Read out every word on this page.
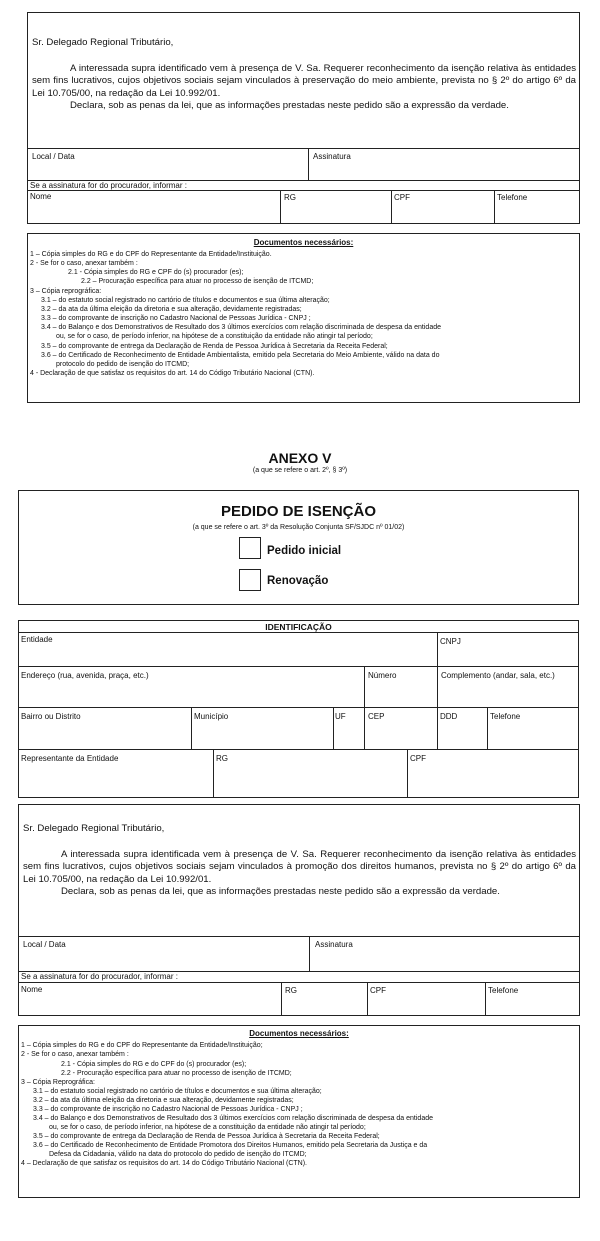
Sr. Delegado Regional Tributário,

A interessada supra identificado vem à presença de V. Sa. Requerer reconhecimento da isenção relativa às entidades sem fins lucrativos, cujos objetivos sociais sejam vinculados à preservação do meio ambiente, prevista no § 2º do artigo 6º da Lei 10.705/00, na redação da Lei 10.992/01.

Declara, sob as penas da lei, que as informações prestadas neste pedido são a expressão da verdade.

Local / Data	Assinatura
Se a assinatura for do procurador, informar :
Nome	RG	CPF	Telefone
Documentos necessários:
1 – Cópia simples do RG e do CPF do Representante da Entidade/Instituição.
2 - Se for o caso, anexar também :
2.1 - Cópia simples do RG e CPF do (s) procurador (es);
2.2 – Procuração específica para atuar no processo de isenção de ITCMD;
3 – Cópia reprográfica:
3.1 – do estatuto social registrado no cartório de títulos e documentos e sua última alteração;
3.2 – da ata da última eleição da diretoria e sua alteração, devidamente registradas;
3.3 – do comprovante de inscrição no Cadastro Nacional de Pessoas Jurídica - CNPJ ;
3.4 – do Balanço e dos Demonstrativos de Resultado dos 3 últimos exercícios com relação discriminada de despesa da entidade
ou, se for o caso, de período inferior, na hipótese de a constituição da entidade não atingir tal período;
3.5 – do comprovante de entrega da Declaração de Renda de Pessoa Jurídica à Secretaria da Receita Federal;
3.6 – do Certificado de Reconhecimento de Entidade Ambientalista, emitido pela Secretaria do Meio Ambiente, válido na data do
protocolo do pedido de isenção do ITCMD;
4 - Declaração de que satisfaz os requisitos do art. 14 do Código Tributário Nacional (CTN).
ANEXO V
(a que se refere o art. 2º, § 3º)
PEDIDO DE ISENÇÃO
(a que se refere o art. 3º da Resolução Conjunta SF/SJDC nº 01/02)
Pedido inicial
Renovação
IDENTIFICAÇÃO
Entidade	CNPJ
Endereço (rua, avenida, praça, etc.)	Número	Complemento (andar, sala, etc.)
Bairro ou Distrito	Município	UF	CEP	DDD	Telefone
Representante da Entidade	RG	CPF

Sr. Delegado Regional Tributário,

A interessada supra identificada vem à presença de V. Sa. Requerer reconhecimento da isenção relativa às entidades sem fins lucrativos, cujos objetivos sociais sejam vinculados à promoção dos direitos humanos, prevista no § 2º do artigo 6º da Lei 10.705/00, na redação da Lei 10.992/01.

Declara, sob as penas da lei, que as informações prestadas neste pedido são a expressão da verdade.

Local / Data	Assinatura
Se a assinatura for do procurador, informar :
Nome	RG	CPF	Telefone
Documentos necessários:
1 – Cópia simples do RG e do CPF do Representante da Entidade/Instituição;
2 - Se for o caso, anexar também :
2.1 - Cópia simples do RG e do CPF do (s) procurador (es);
2.2 - Procuração específica para atuar no processo de isenção de ITCMD;
3 – Cópia Reprográfica:
3.1 – do estatuto social registrado no cartório de títulos e documentos e sua última alteração;
3.2 – da ata da última eleição da diretoria e sua alteração, devidamente registradas;
3.3 – do comprovante de inscrição no Cadastro Nacional de Pessoas Jurídica - CNPJ ;
3.4 – do Balanço e dos Demonstrativos de Resultado dos 3 últimos exercícios com relação discriminada de despesa da entidade
ou, se for o caso, de período inferior, na hipótese de a constituição da entidade não atingir tal período;
3.5 – do comprovante de entrega da Declaração de Renda de Pessoa Jurídica à Secretaria da Receita Federal;
3.6 – do Certificado de Reconhecimento de Entidade Promotora dos Direitos Humanos, emitido pela Secretaria da Justiça e da
Defesa da Cidadania, válido na data do protocolo do pedido de isenção do ITCMD;
4 – Declaração de que satisfaz os requisitos do art. 14 do Código Tributário Nacional (CTN).
